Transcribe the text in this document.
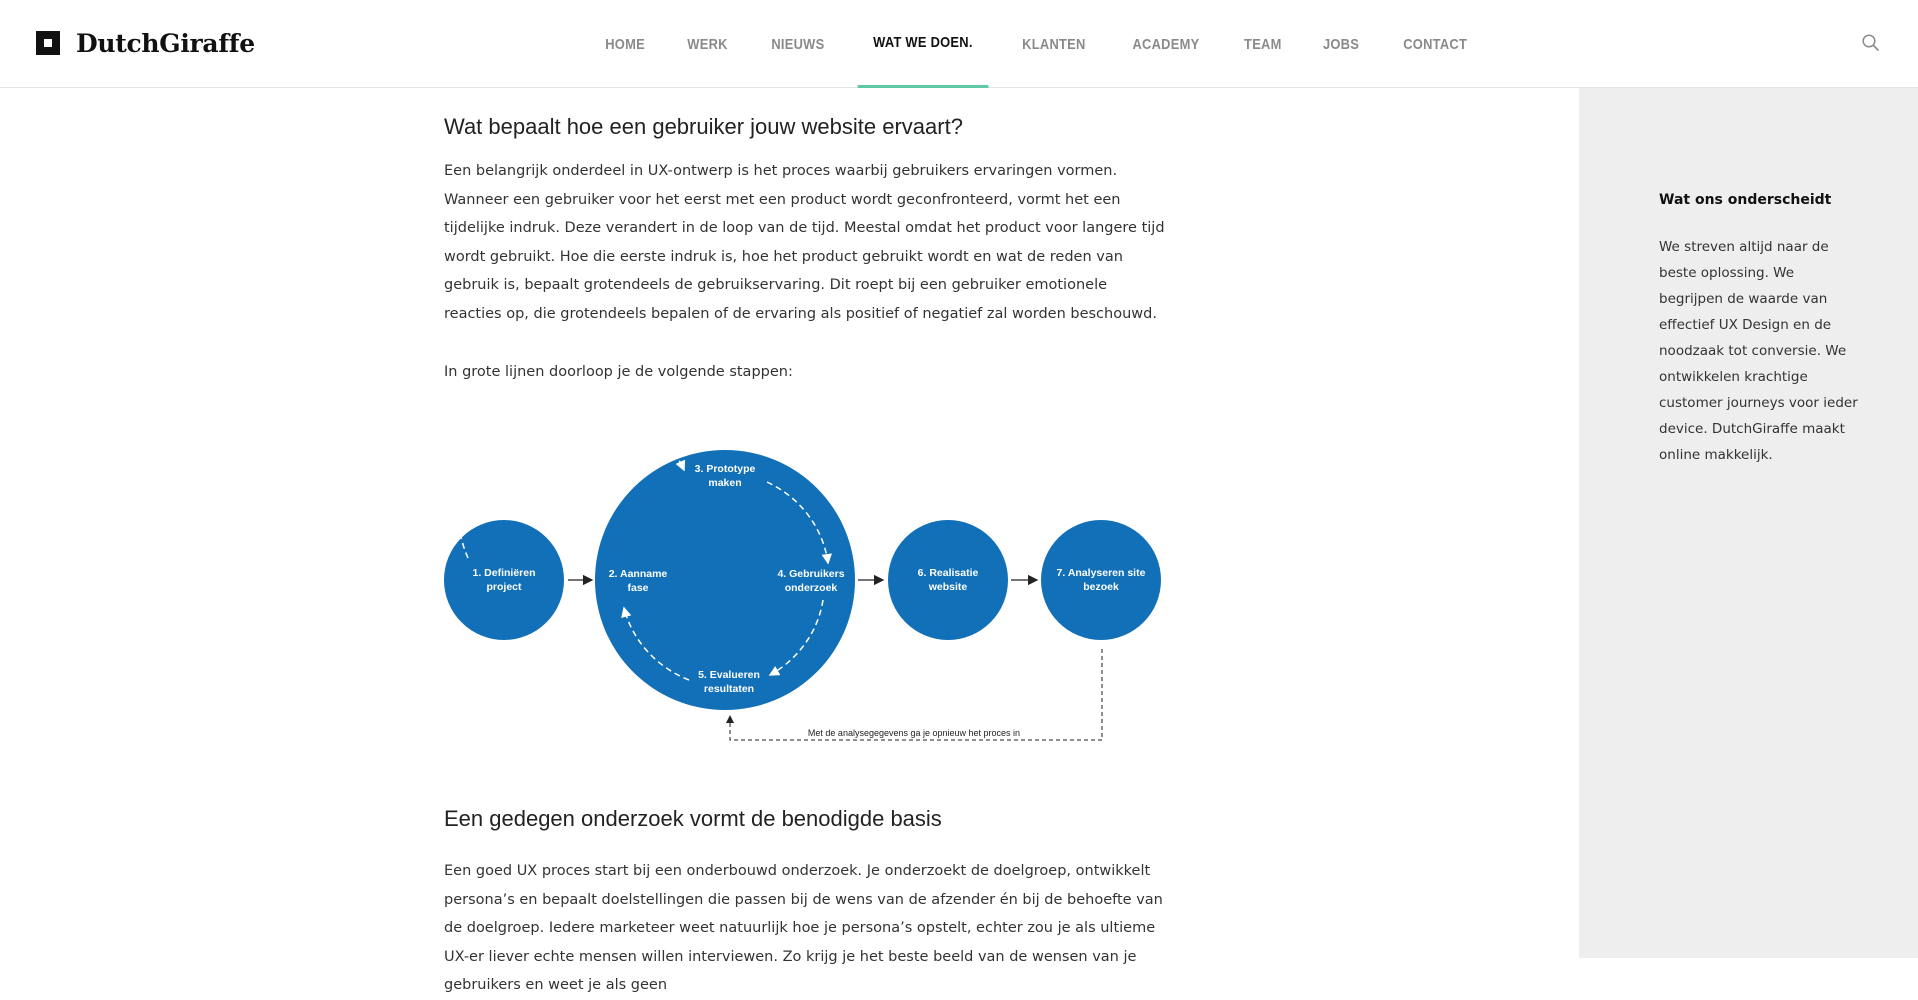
DutchGiraffe	HOME	WERK	NIEUWS	WAT WE DOEN.	KLANTEN	ACADEMY	TEAM	JOBS	CONTACT
Wat bepaalt hoe een gebruiker jouw website ervaart?

Een belangrijk onderdeel in UX-ontwerp is het proces waarbij gebruikers ervaringen vormen. Wanneer een gebruiker voor het eerst met een product wordt geconfronteerd, vormt het een tijdelijke indruk. Deze verandert in de loop van de tijd. Meestal omdat het product voor langere tijd wordt gebruikt. Hoe die eerste indruk is, hoe het product gebruikt wordt en wat de reden van gebruik is, bepaalt grotendeels de gebruikservaring. Dit roept bij een gebruiker emotionele reacties op, die grotendeels bepalen of de ervaring als positief of negatief zal worden beschouwd.

In grote lijnen doorloop je de volgende stappen:

Met de analysegegevens ga je opnieuw het proces in
1. Definiëren
project
2. Aanname
fase
3. Prototype
maken
4. Gebruikers
onderzoek
5. Evalueren
resultaten
6. Realisatie
website
7. Analyseren site
bezoek
Een gedegen onderzoek vormt de benodigde basis

Een goed UX proces start bij een onderbouwd onderzoek. Je onderzoekt de doelgroep, ontwikkelt persona’s en bepaalt doelstellingen die passen bij de wens van de afzender én bij de behoefte van de doelgroep. Iedere marketeer weet natuurlijk hoe je persona’s opstelt, echter zou je als ultieme UX-er liever echte mensen willen interviewen. Zo krijg je het beste beeld van de wensen van je gebruikers en weet je als geen

Wat ons onderscheidt
We streven altijd naar de beste oplossing. We begrijpen de waarde van effectief UX Design en de noodzaak tot conversie. We ontwikkelen krachtige customer journeys voor ieder device. DutchGiraffe maakt online makkelijk.
